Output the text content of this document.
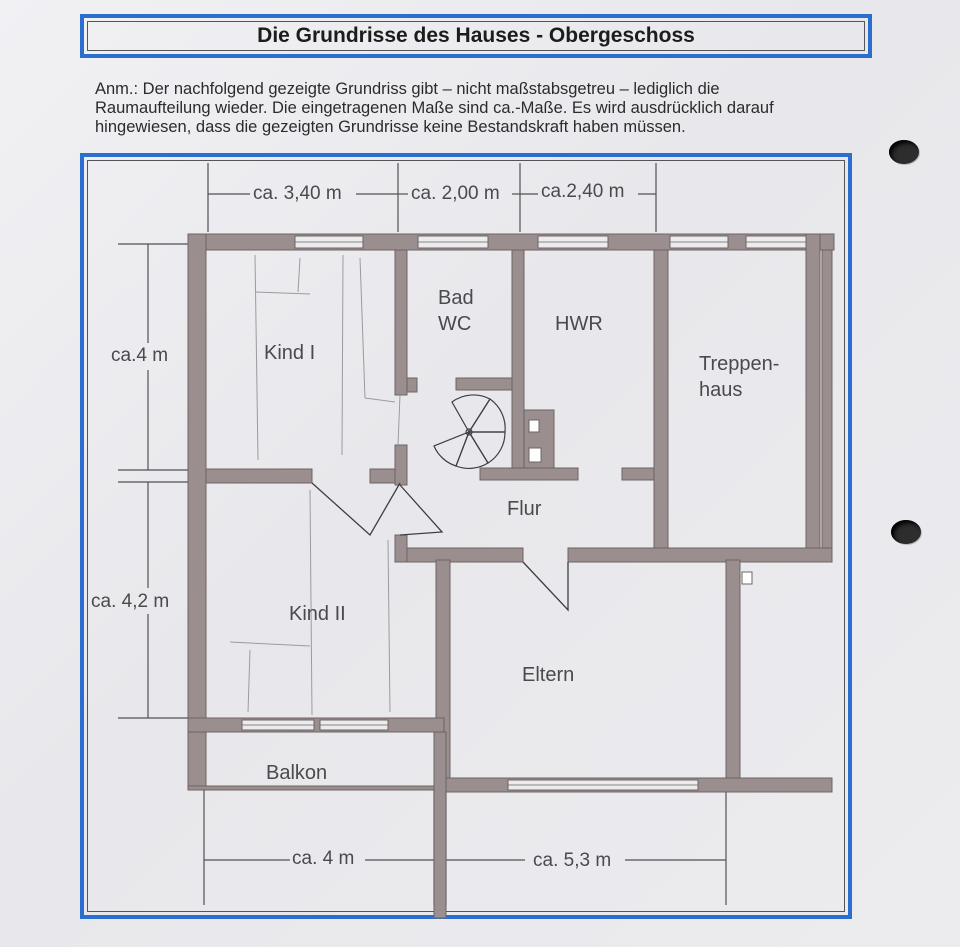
Die Grundrisse des Hauses - Obergeschoss
Anm.: Der nachfolgend gezeigte Grundriss gibt – nicht maßstabsgetreu – lediglich die
Raumaufteilung wieder. Die eingetragenen Maße sind ca.-Maße. Es wird ausdrücklich darauf
hingewiesen, dass die gezeigten Grundrisse keine Bestandskraft haben müssen.
Kind I
Bad
WC	HWR
Treppen-
haus
Flur
Kind II
Eltern
Balkon
ca. 3,40 m	ca. 2,00 m ca.2,40 m
ca.4 m
ca. 4,2 m
ca. 4 m	ca. 5,3 m
